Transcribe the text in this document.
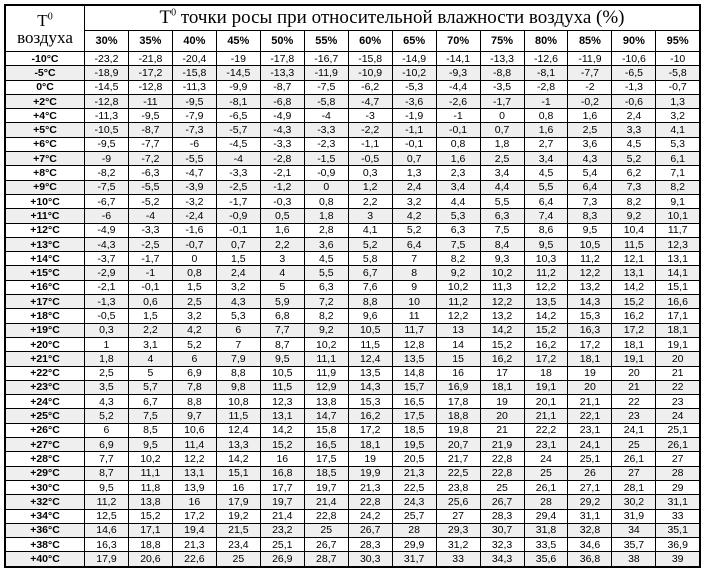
$T^0$
воздуха	$T^0$ точки росы при относительной влажности воздуха (%)													
	30%	35%	40%	45%	50%	55%	60%	65%	70%	75%	80%	85%	90%	95%
-10°C	-23,2	-21,8	-20,4	-19	-17,8	-16,7	-15,8	-14,9	-14,1	-13,3	-12,6	-11,9	-10,6	-10
-5°C	-18,9	-17,2	-15,8	-14,5	-13,3	-11,9	-10,9	-10,2	-9,3	-8,8	-8,1	-7,7	-6,5	-5,8
0°C	-14,5	-12,8	-11,3	-9,9	-8,7	-7,5	-6,2	-5,3	-4,4	-3,5	-2,8	-2	-1,3	-0,7
+2°C	-12,8	-11	-9,5	-8,1	-6,8	-5,8	-4,7	-3,6	-2,6	-1,7	-1	-0,2	-0,6	1,3
+4°C	-11,3	-9,5	-7,9	-6,5	-4,9	-4	-3	-1,9	-1	0	0,8	1,6	2,4	3,2
+5°C	-10,5	-8,7	-7,3	-5,7	-4,3	-3,3	-2,2	-1,1	-0,1	0,7	1,6	2,5	3,3	4,1
+6°C	-9,5	-7,7	-6	-4,5	-3,3	-2,3	-1,1	-0,1	0,8	1,8	2,7	3,6	4,5	5,3
+7°C	-9	-7,2	-5,5	-4	-2,8	-1,5	-0,5	0,7	1,6	2,5	3,4	4,3	5,2	6,1
+8°C	-8,2	-6,3	-4,7	-3,3	-2,1	-0,9	0,3	1,3	2,3	3,4	4,5	5,4	6,2	7,1
+9°C	-7,5	-5,5	-3,9	-2,5	-1,2	0	1,2	2,4	3,4	4,4	5,5	6,4	7,3	8,2
+10°C	-6,7	-5,2	-3,2	-1,7	-0,3	0,8	2,2	3,2	4,4	5,5	6,4	7,3	8,2	9,1
+11°C	-6	-4	-2,4	-0,9	0,5	1,8	3	4,2	5,3	6,3	7,4	8,3	9,2	10,1
+12°C	-4,9	-3,3	-1,6	-0,1	1,6	2,8	4,1	5,2	6,3	7,5	8,6	9,5	10,4	11,7
+13°C	-4,3	-2,5	-0,7	0,7	2,2	3,6	5,2	6,4	7,5	8,4	9,5	10,5	11,5	12,3
+14°C	-3,7	-1,7	0	1,5	3	4,5	5,8	7	8,2	9,3	10,3	11,2	12,1	13,1
+15°C	-2,9	-1	0,8	2,4	4	5,5	6,7	8	9,2	10,2	11,2	12,2	13,1	14,1
+16°C	-2,1	-0,1	1,5	3,2	5	6,3	7,6	9	10,2	11,3	12,2	13,2	14,2	15,1
+17°C	-1,3	0,6	2,5	4,3	5,9	7,2	8,8	10	11,2	12,2	13,5	14,3	15,2	16,6
+18°C	-0,5	1,5	3,2	5,3	6,8	8,2	9,6	11	12,2	13,2	14,2	15,3	16,2	17,1
+19°C	0,3	2,2	4,2	6	7,7	9,2	10,5	11,7	13	14,2	15,2	16,3	17,2	18,1
+20°C	1	3,1	5,2	7	8,7	10,2	11,5	12,8	14	15,2	16,2	17,2	18,1	19,1
+21°C	1,8	4	6	7,9	9,5	11,1	12,4	13,5	15	16,2	17,2	18,1	19,1	20
+22°C	2,5	5	6,9	8,8	10,5	11,9	13,5	14,8	16	17	18	19	20	21
+23°C	3,5	5,7	7,8	9,8	11,5	12,9	14,3	15,7	16,9	18,1	19,1	20	21	22
+24°C	4,3	6,7	8,8	10,8	12,3	13,8	15,3	16,5	17,8	19	20,1	21,1	22	23
+25°C	5,2	7,5	9,7	11,5	13,1	14,7	16,2	17,5	18,8	20	21,1	22,1	23	24
+26°C	6	8,5	10,6	12,4	14,2	15,8	17,2	18,5	19,8	21	22,2	23,1	24,1	25,1
+27°C	6,9	9,5	11,4	13,3	15,2	16,5	18,1	19,5	20,7	21,9	23,1	24,1	25	26,1
+28°C	7,7	10,2	12,2	14,2	16	17,5	19	20,5	21,7	22,8	24	25,1	26,1	27
+29°C	8,7	11,1	13,1	15,1	16,8	18,5	19,9	21,3	22,5	22,8	25	26	27	28
+30°C	9,5	11,8	13,9	16	17,7	19,7	21,3	22,5	23,8	25	26,1	27,1	28,1	29
+32°C	11,2	13,8	16	17,9	19,7	21,4	22,8	24,3	25,6	26,7	28	29,2	30,2	31,1
+34°C	12,5	15,2	17,2	19,2	21,4	22,8	24,2	25,7	27	28,3	29,4	31,1	31,9	33
+36°C	14,6	17,1	19,4	21,5	23,2	25	26,7	28	29,3	30,7	31,8	32,8	34	35,1
+38°C	16,3	18,8	21,3	23,4	25,1	26,7	28,3	29,9	31,2	32,3	33,5	34,6	35,7	36,9
+40°C	17,9	20,6	22,6	25	26,9	28,7	30,3	31,7	33	34,3	35,6	36,8	38	39
